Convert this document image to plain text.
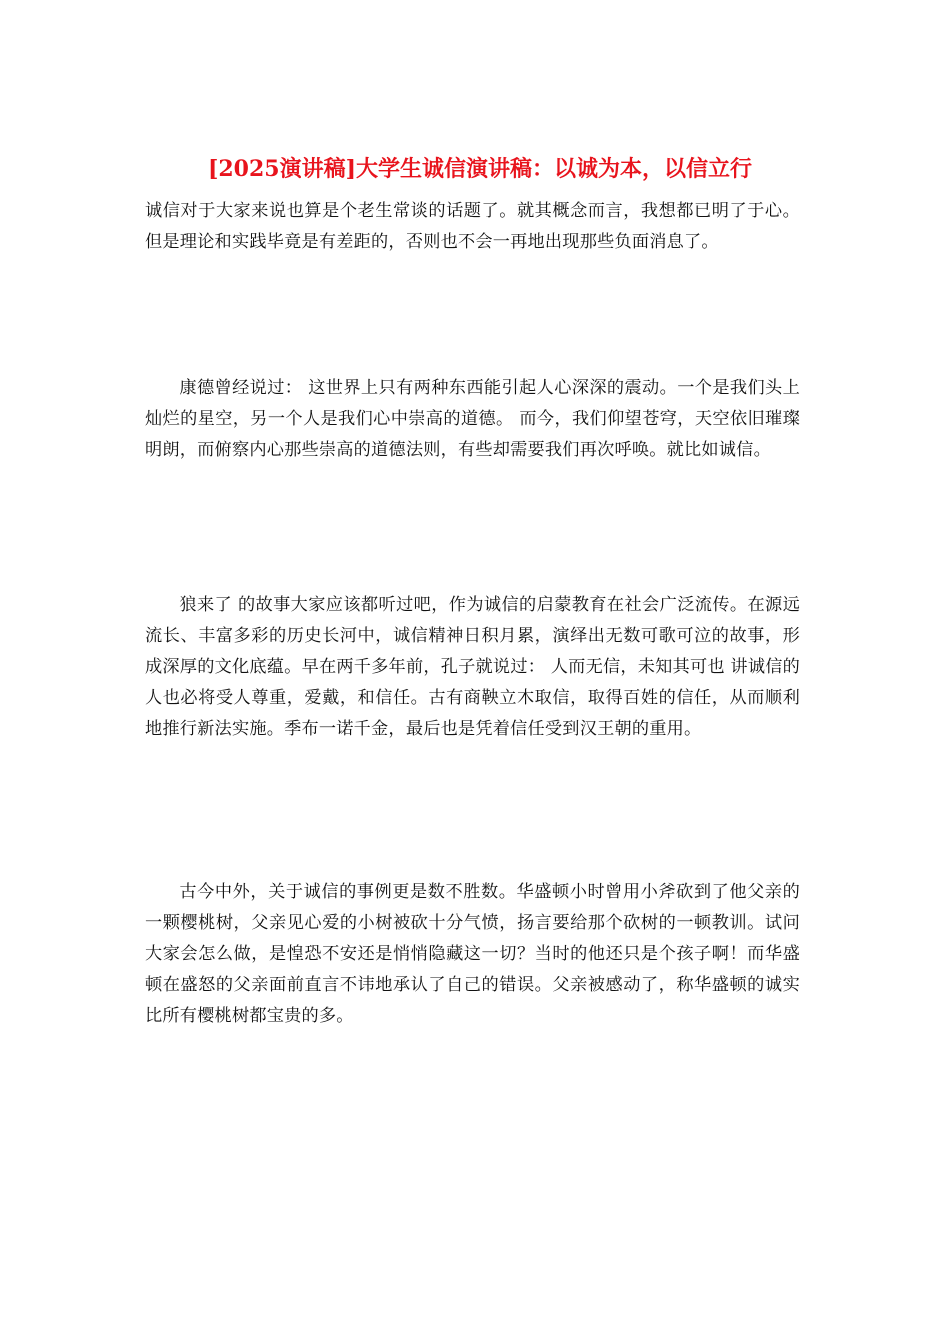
[2025演讲稿]大学生诚信演讲稿：以诚为本，以信立行

诚信对于大家来说也算是个老生常谈的话题了。就其概念而言，我想都已明了于心。但是理论和实践毕竟是有差距的，否则也不会一再地出现那些负面消息了。

康德曾经说过： 这世界上只有两种东西能引起人心深深的震动。一个是我们头上灿烂的星空，另一个人是我们心中崇高的道德。 而今，我们仰望苍穹，天空依旧璀璨明朗，而俯察内心那些崇高的道德法则，有些却需要我们再次呼唤。就比如诚信。

狼来了 的故事大家应该都听过吧，作为诚信的启蒙教育在社会广泛流传。在源远流长、丰富多彩的历史长河中，诚信精神日积月累，演绎出无数可歌可泣的故事，形成深厚的文化底蕴。早在两千多年前，孔子就说过： 人而无信，未知其可也 讲诚信的人也必将受人尊重，爱戴，和信任。古有商鞅立木取信，取得百姓的信任，从而顺利地推行新法实施。季布一诺千金，最后也是凭着信任受到汉王朝的重用。

古今中外，关于诚信的事例更是数不胜数。华盛顿小时曾用小斧砍到了他父亲的一颗樱桃树，父亲见心爱的小树被砍十分气愤，扬言要给那个砍树的一顿教训。试问大家会怎么做，是惶恐不安还是悄悄隐藏这一切？当时的他还只是个孩子啊！而华盛顿在盛怒的父亲面前直言不讳地承认了自己的错误。父亲被感动了，称华盛顿的诚实比所有樱桃树都宝贵的多。
